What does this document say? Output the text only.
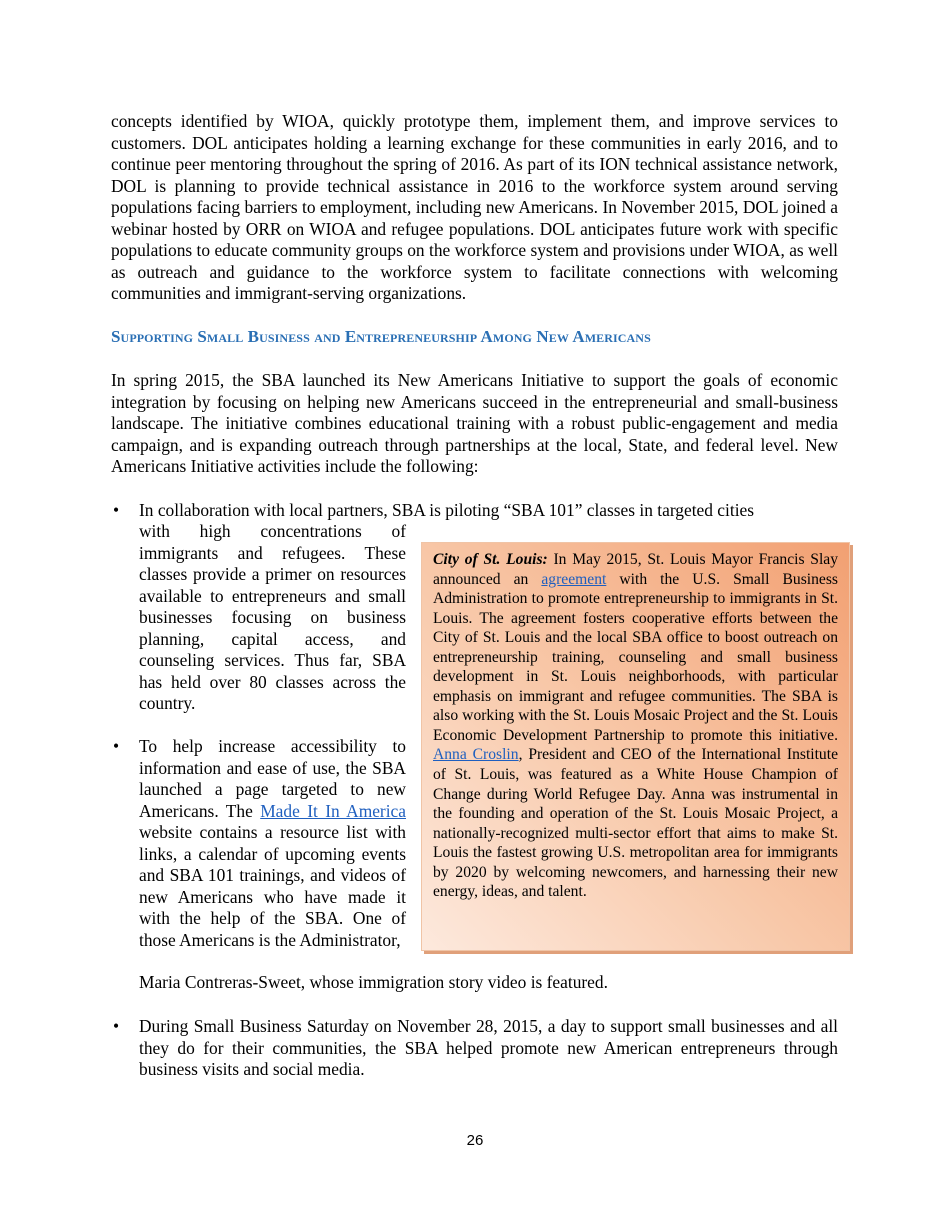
concepts identified by WIOA, quickly prototype them, implement them, and improve services to customers. DOL anticipates holding a learning exchange for these communities in early 2016, and to continue peer mentoring throughout the spring of 2016. As part of its ION technical assistance network, DOL is planning to provide technical assistance in 2016 to the workforce system around serving populations facing barriers to employment, including new Americans. In November 2015, DOL joined a webinar hosted by ORR on WIOA and refugee populations. DOL anticipates future work with specific populations to educate community groups on the workforce system and provisions under WIOA, as well as outreach and guidance to the workforce system to facilitate connections with welcoming communities and immigrant-serving organizations.

Supporting Small Business and Entrepreneurship Among New Americans

In spring 2015, the SBA launched its New Americans Initiative to support the goals of economic integration by focusing on helping new Americans succeed in the entrepreneurial and small-business landscape. The initiative combines educational training with a robust public-engagement and media campaign, and is expanding outreach through partnerships at the local, State, and federal level. New Americans Initiative activities include the following:

• In collaboration with local partners, SBA is piloting “SBA 101” classes in targeted cities

with high concentrations of immigrants and refugees. These classes provide a primer on resources available to entrepreneurs and small businesses focusing on business planning, capital access, and counseling services. Thus far, SBA has held over 80 classes across the country.

• To help increase accessibility to information and ease of use, the SBA launched a page targeted to new Americans. The Made It In America website contains a resource list with links, a calendar of upcoming events and SBA 101 trainings, and videos of new Americans who have made it with the help of the SBA. One of those Americans is the Administrator,

Maria Contreras-Sweet, whose immigration story video is featured.
• During Small Business Saturday on November 28, 2015, a day to support small businesses and all they do for their communities, the SBA helped promote new American entrepreneurs through business visits and social media.

City of St. Louis: In May 2015, St. Louis Mayor Francis Slay announced an agreement with the U.S. Small Business Administration to promote entrepreneurship to immigrants in St. Louis. The agreement fosters cooperative efforts between the City of St. Louis and the local SBA office to boost outreach on entrepreneurship training, counseling and small business development in St. Louis neighborhoods, with particular emphasis on immigrant and refugee communities. The SBA is also working with the St. Louis Mosaic Project and the St. Louis Economic Development Partnership to promote this initiative. Anna Croslin, President and CEO of the International Institute of St. Louis, was featured as a White House Champion of Change during World Refugee Day. Anna was instrumental in the founding and operation of the St. Louis Mosaic Project, a nationally-recognized multi-sector effort that aims to make St. Louis the fastest growing U.S. metropolitan area for immigrants by 2020 by welcoming newcomers, and harnessing their new energy, ideas, and talent.

26
